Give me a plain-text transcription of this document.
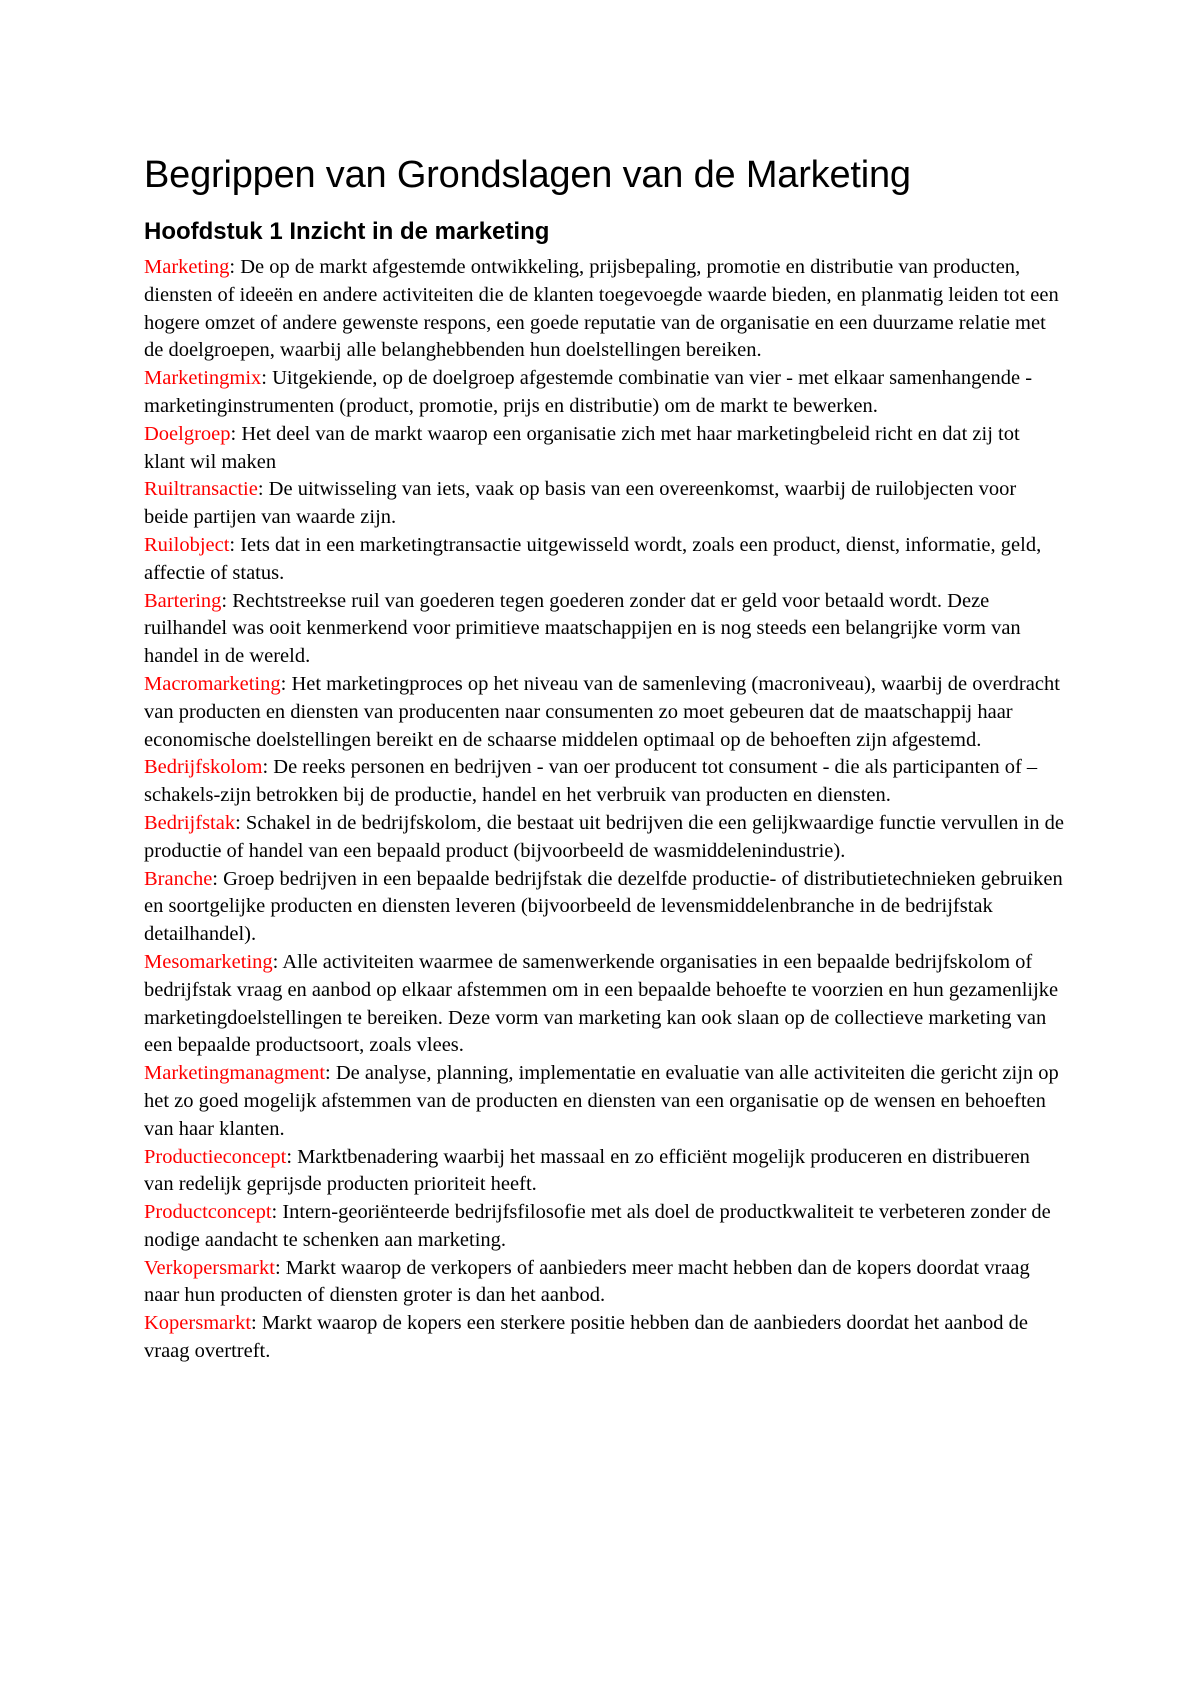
Begrippen van Grondslagen van de Marketing
Hoofdstuk 1 Inzicht in de marketing

Marketing: De op de markt afgestemde ontwikkeling, prijsbepaling, promotie en distributie van producten, diensten of ideeën en andere activiteiten die de klanten toegevoegde waarde bieden, en planmatig leiden tot een hogere omzet of andere gewenste respons, een goede reputatie van de organisatie en een duurzame relatie met de doelgroepen, waarbij alle belanghebbenden hun doelstellingen bereiken.

Marketingmix: Uitgekiende, op de doelgroep afgestemde combinatie van vier - met elkaar samenhangende - marketinginstrumenten (product, promotie, prijs en distributie) om de markt te bewerken.

Doelgroep: Het deel van de markt waarop een organisatie zich met haar marketingbeleid richt en dat zij tot klant wil maken

Ruiltransactie: De uitwisseling van iets, vaak op basis van een overeenkomst, waarbij de ruilobjecten voor beide partijen van waarde zijn.

Ruilobject: Iets dat in een marketingtransactie uitgewisseld wordt, zoals een product, dienst, informatie, geld, affectie of status.

Bartering: Rechtstreekse ruil van goederen tegen goederen zonder dat er geld voor betaald wordt. Deze ruilhandel was ooit kenmerkend voor primitieve maatschappijen en is nog steeds een belangrijke vorm van handel in de wereld.

Macromarketing: Het marketingproces op het niveau van de samenleving (macroniveau), waarbij de overdracht van producten en diensten van producenten naar consumenten zo moet gebeuren dat de maatschappij haar economische doelstellingen bereikt en de schaarse middelen optimaal op de behoeften zijn afgestemd.

Bedrijfskolom: De reeks personen en bedrijven - van oer producent tot consument - die als participanten of –schakels-zijn betrokken bij de productie, handel en het verbruik van producten en diensten.

Bedrijfstak: Schakel in de bedrijfskolom, die bestaat uit bedrijven die een gelijkwaardige functie vervullen in de productie of handel van een bepaald product (bijvoorbeeld de wasmiddelenindustrie).

Branche: Groep bedrijven in een bepaalde bedrijfstak die dezelfde productie- of distributietechnieken gebruiken en soortgelijke producten en diensten leveren (bijvoorbeeld de levensmiddelenbranche in de bedrijfstak detailhandel).

Mesomarketing: Alle activiteiten waarmee de samenwerkende organisaties in een bepaalde bedrijfskolom of bedrijfstak vraag en aanbod op elkaar afstemmen om in een bepaalde behoefte te voorzien en hun gezamenlijke marketingdoelstellingen te bereiken. Deze vorm van marketing kan ook slaan op de collectieve marketing van een bepaalde productsoort, zoals vlees.

Marketingmanagment: De analyse, planning, implementatie en evaluatie van alle activiteiten die gericht zijn op het zo goed mogelijk afstemmen van de producten en diensten van een organisatie op de wensen en behoeften van haar klanten.

Productieconcept: Marktbenadering waarbij het massaal en zo efficiënt mogelijk produceren en distribueren van redelijk geprijsde producten prioriteit heeft.

Productconcept: Intern-georiënteerde bedrijfsfilosofie met als doel de productkwaliteit te verbeteren zonder de nodige aandacht te schenken aan marketing.

Verkopersmarkt: Markt waarop de verkopers of aanbieders meer macht hebben dan de kopers doordat vraag naar hun producten of diensten groter is dan het aanbod.

Kopersmarkt: Markt waarop de kopers een sterkere positie hebben dan de aanbieders doordat het aanbod de vraag overtreft.
